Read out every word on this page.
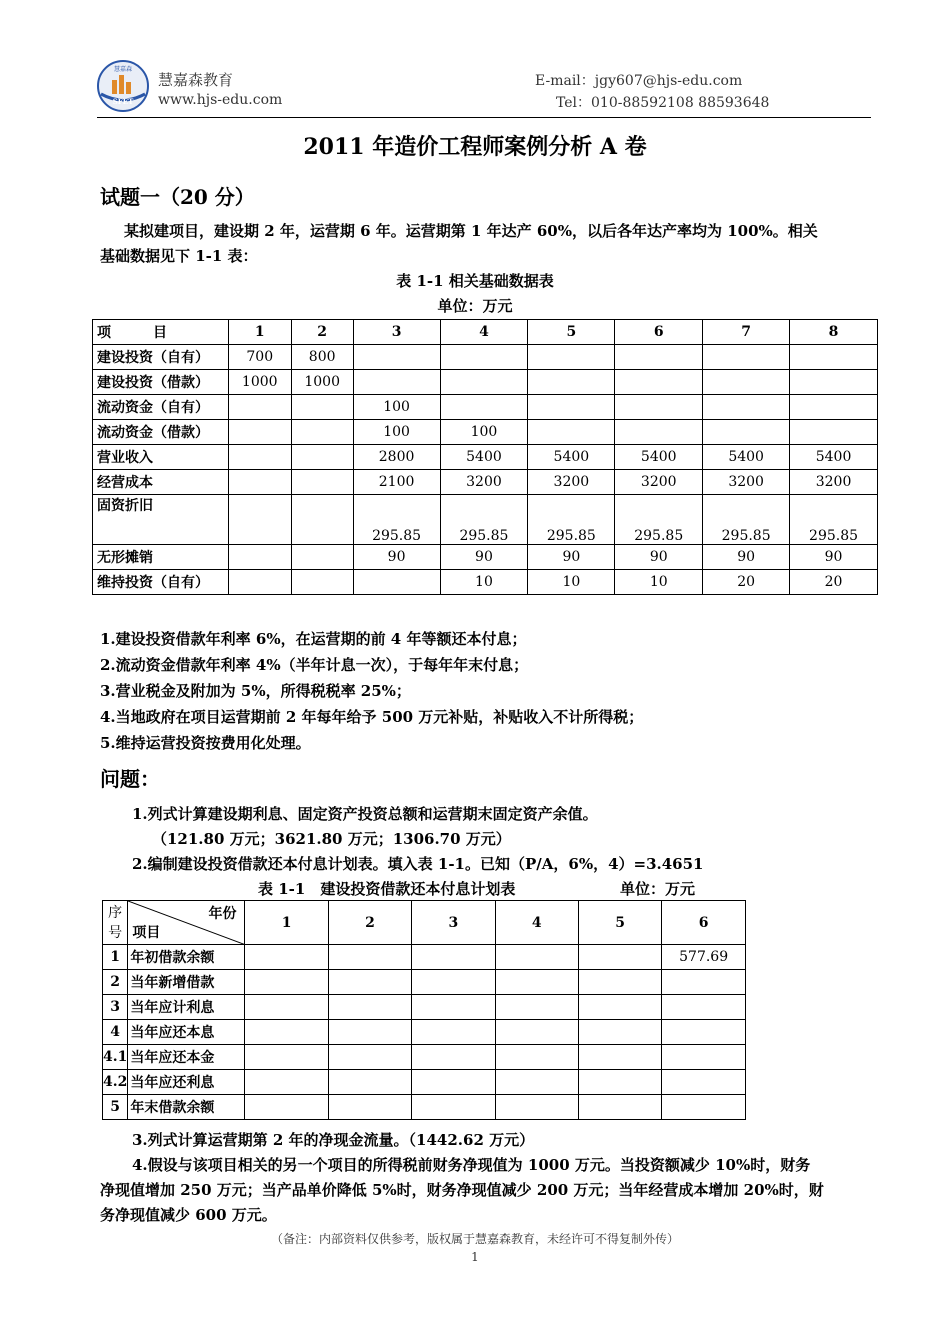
慧嘉森
SFET
慧嘉森教育
www.hjs-edu.com
E-mail：jgy607@hjs-edu.com
Tel：010-88592108 88593648
2011 年造价工程师案例分析 A 卷
试题一（20 分）
某拟建项目，建设期 2 年，运营期 6 年。运营期第 1 年达产 60%，以后各年达产率均为 100%。相关
基础数据见下 1-1 表：
表 1-1 相关基础数据表
单位：万元
项　　　目	1	2	3	4	5	6	7	8
建设投资（自有）	700	800						
建设投资（借款）	1000	1000						
流动资金（自有）			100					
流动资金（借款）			100	100				
营业收入			2800	5400	5400	5400	5400	5400
经营成本			2100	3200	3200	3200	3200	3200
固资折旧			295.85	295.85	295.85	295.85	295.85	295.85
无形摊销			90	90	90	90	90	90
维持投资（自有）				10	10	10	20	20
1.建设投资借款年利率 6%，在运营期的前 4 年等额还本付息；
2.流动资金借款年利率 4%（半年计息一次），于每年年末付息；
3.营业税金及附加为 5%，所得税税率 25%；
4.当地政府在项目运营期前 2 年每年给予 500 万元补贴，补贴收入不计所得税；
5.维持运营投资按费用化处理。
问题：
1.列式计算建设期利息、固定资产投资总额和运营期末固定资产余值。
（121.80 万元；3621.80 万元；1306.70 万元）
2.编制建设投资借款还本付息计划表。填入表 1-1。已知（P/A，6%，4）=3.4651
表 1-1　建设投资借款还本付息计划表	单位：万元
序号	年份
项目	1	2	3	4	5	6
1	年初借款余额						577.69
2	当年新增借款						
3	当年应计利息						
4	当年应还本息						
4.1	当年应还本金						
4.2	当年应还利息						
5	年末借款余额						
3.列式计算运营期第 2 年的净现金流量。（1442.62 万元）
4.假设与该项目相关的另一个项目的所得税前财务净现值为 1000 万元。当投资额减少 10%时，财务
净现值增加 250 万元；当产品单价降低 5%时，财务净现值减少 200 万元；当年经营成本增加 20%时，财
务净现值减少 600 万元。
（备注：内部资料仅供参考，版权属于慧嘉森教育，未经许可不得复制外传）
1
